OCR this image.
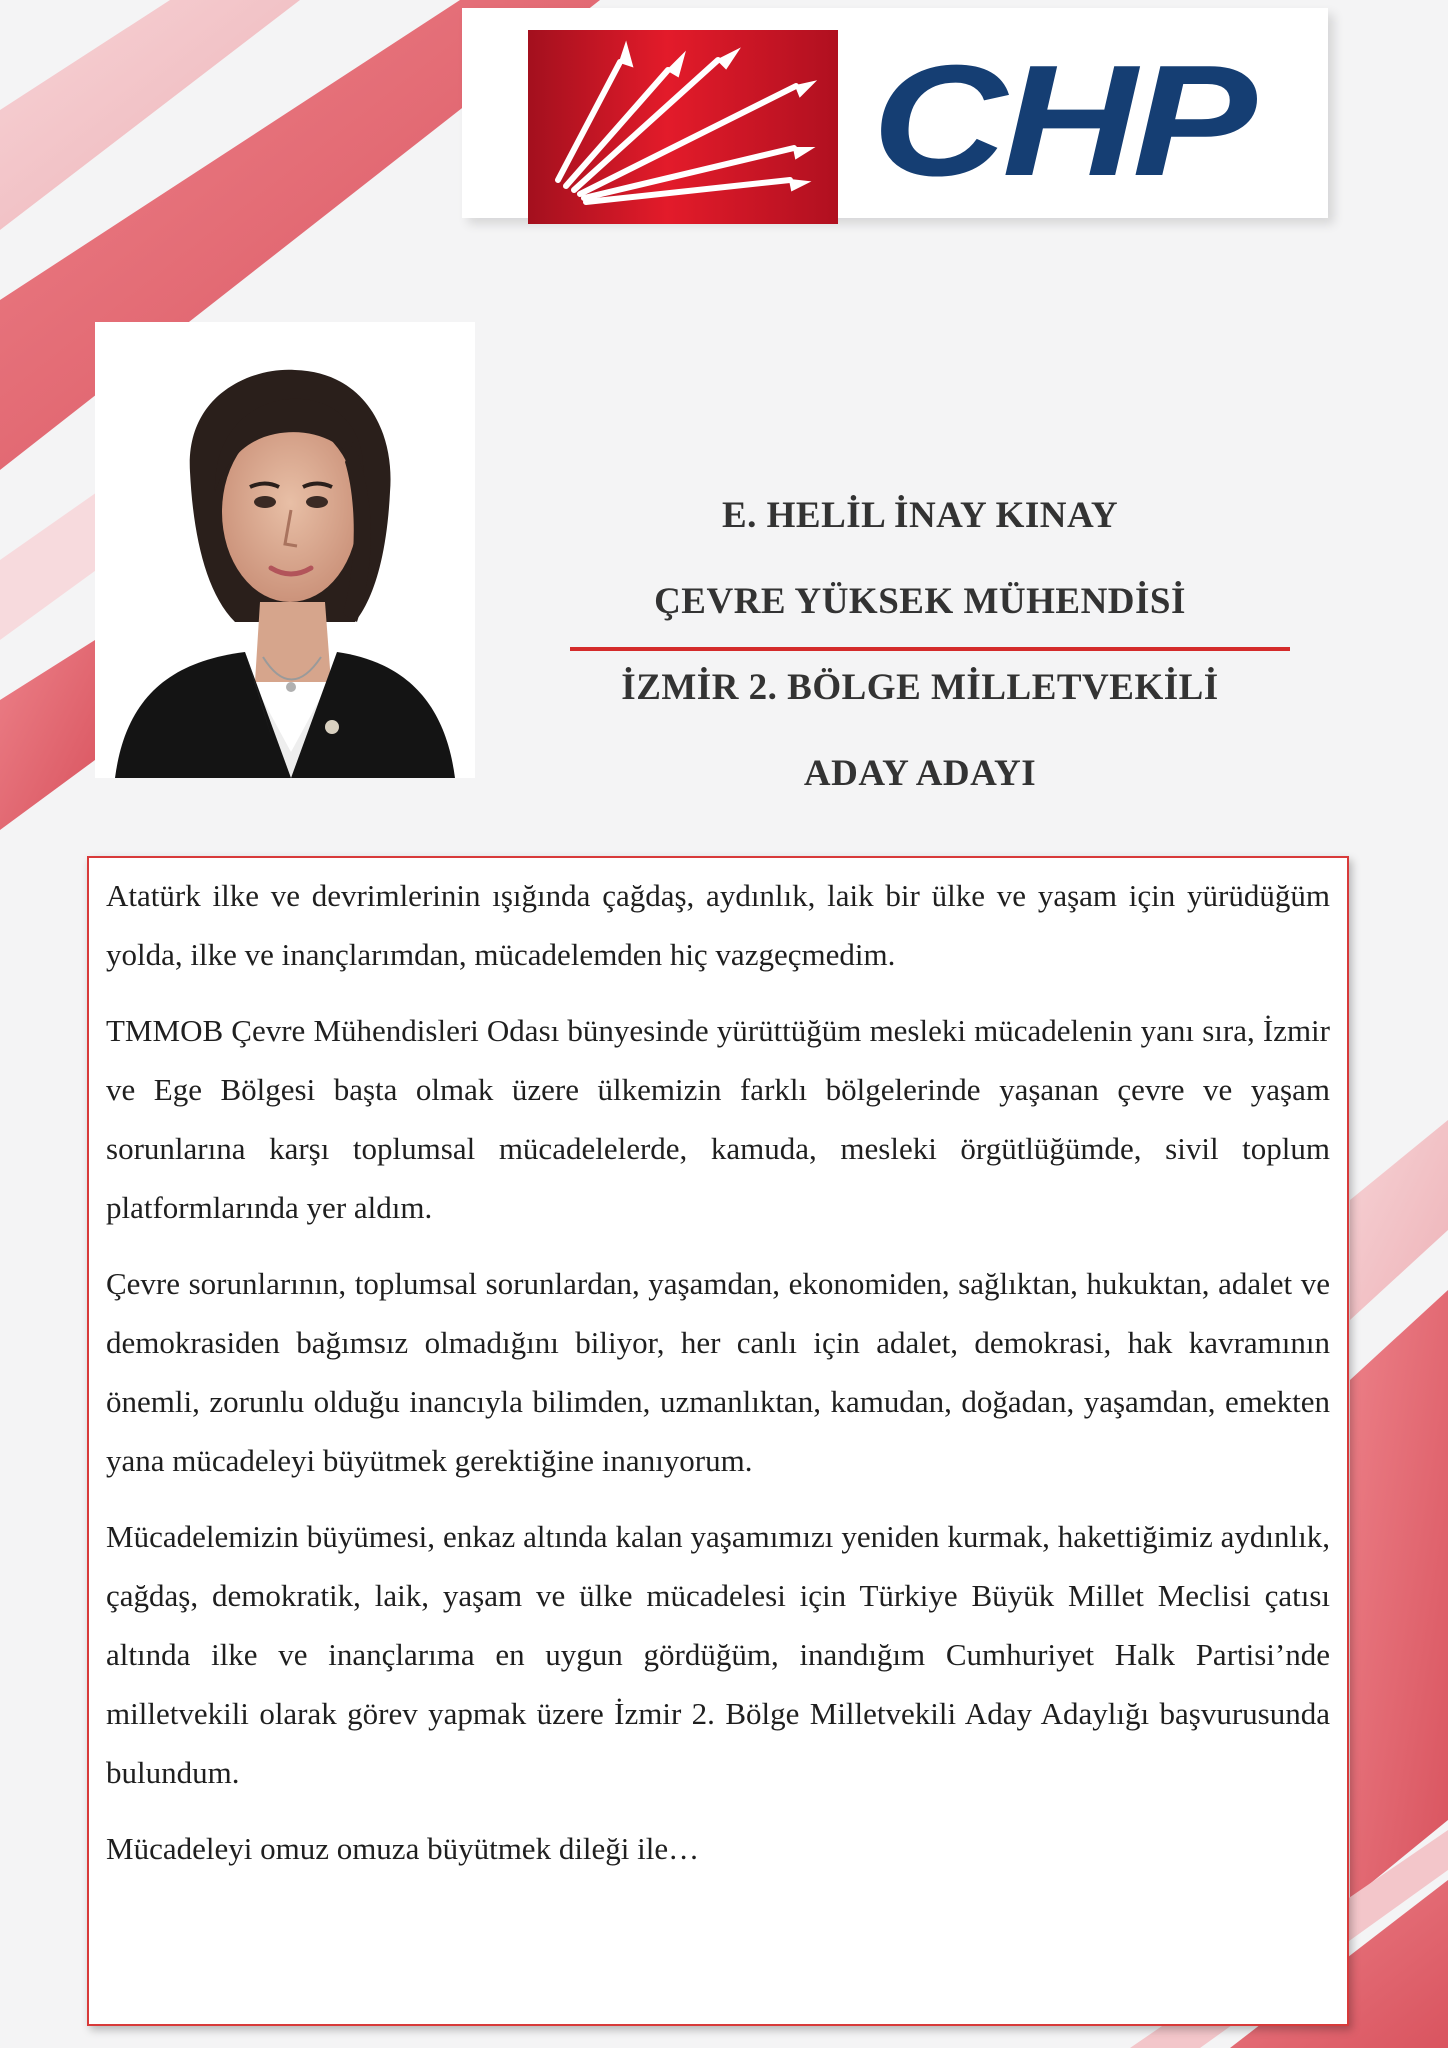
CHP
E. HELİL İNAY KINAY
ÇEVRE YÜKSEK MÜHENDİSİ
İZMİR 2. BÖLGE MİLLETVEKİLİ
ADAY ADAYI

Atatürk ilke ve devrimlerinin ışığında çağdaş, aydınlık, laik bir ülke ve yaşam için yürüdüğüm yolda, ilke ve inançlarımdan, mücadelemden hiç vazgeçmedim.

TMMOB Çevre Mühendisleri Odası bünyesinde yürüttüğüm mesleki mücadelenin yanı sıra, İzmir ve Ege Bölgesi başta olmak üzere ülkemizin farklı bölgelerinde yaşanan çevre ve yaşam sorunlarına karşı toplumsal mücadelelerde, kamuda, mesleki örgütlüğümde, sivil toplum platformlarında yer aldım.

Çevre sorunlarının, toplumsal sorunlardan, yaşamdan, ekonomiden, sağlıktan, hukuktan, adalet ve demokrasiden bağımsız olmadığını biliyor, her canlı için adalet, demokrasi, hak kavramının önemli, zorunlu olduğu inancıyla bilimden, uzmanlıktan, kamudan, doğadan, yaşamdan, emekten yana mücadeleyi büyütmek gerektiğine inanıyorum.

Mücadelemizin büyümesi, enkaz altında kalan yaşamımızı yeniden kurmak, hakettiğimiz aydınlık, çağdaş, demokratik, laik, yaşam ve ülke mücadelesi için Türkiye Büyük Millet Meclisi çatısı altında ilke ve inançlarıma en uygun gördüğüm, inandığım Cumhuriyet Halk Partisi’nde milletvekili olarak görev yapmak üzere İzmir 2. Bölge Milletvekili Aday Adaylığı başvurusunda bulundum.

Mücadeleyi omuz omuza büyütmek dileği ile…
